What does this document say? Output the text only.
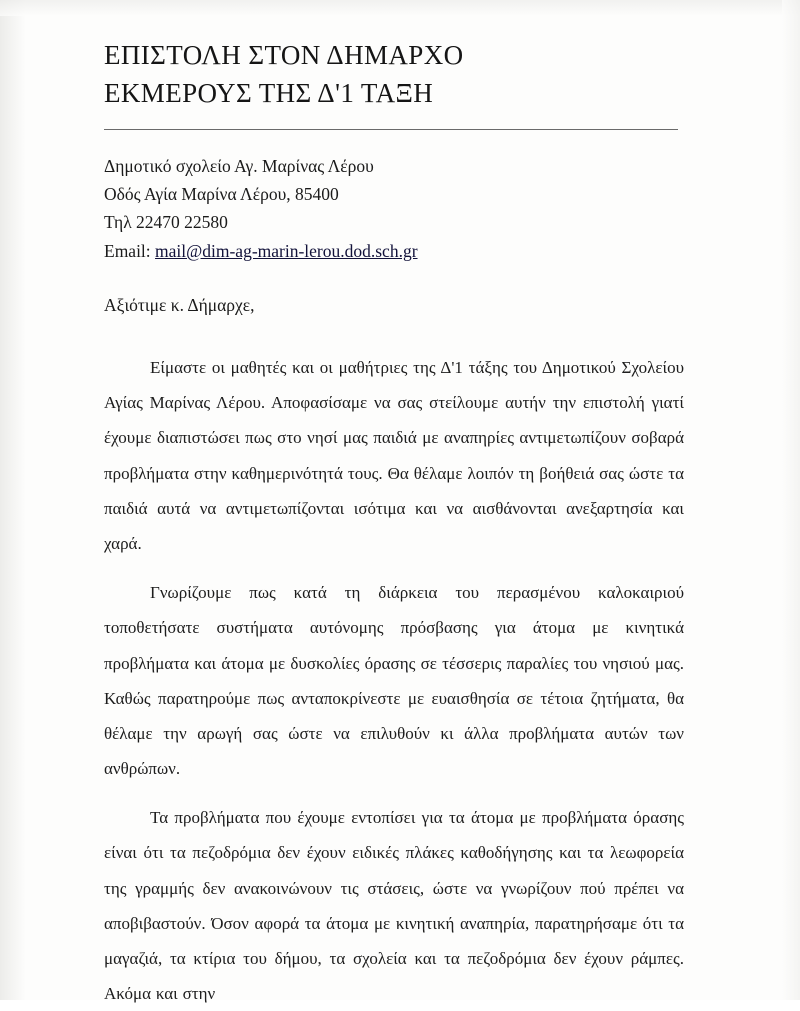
ΕΠΙΣΤΟΛΗ ΣΤΟΝ ΔΗΜΑΡΧΟ
ΕΚΜΕΡΟΥΣ ΤΗΣ Δ'1 ΤΑΞΗ
Δημοτικό σχολείο Αγ. Μαρίνας Λέρου
Οδός Αγία Μαρίνα Λέρου, 85400
Τηλ 22470 22580
Email: mail@dim-ag-marin-lerou.dod.sch.gr
Αξιότιμε κ. Δήμαρχε,

Είμαστε οι μαθητές και οι μαθήτριες της Δ'1 τάξης του Δημοτικού Σχολείου Αγίας Μαρίνας Λέρου. Αποφασίσαμε να σας στείλουμε αυτήν την επιστολή γιατί έχουμε διαπιστώσει πως στο νησί μας παιδιά με αναπηρίες αντιμετωπίζουν σοβαρά προβλήματα στην καθημερινότητά τους. Θα θέλαμε λοιπόν τη βοήθειά σας ώστε τα παιδιά αυτά να αντιμετωπίζονται ισότιμα και να αισθάνονται ανεξαρτησία και χαρά.

Γνωρίζουμε πως κατά τη διάρκεια του περασμένου καλοκαιριού τοποθετήσατε συστήματα αυτόνομης πρόσβασης για άτομα με κινητικά προβλήματα και άτομα με δυσκολίες όρασης σε τέσσερις παραλίες του νησιού μας. Καθώς παρατηρούμε πως ανταποκρίνεστε με ευαισθησία σε τέτοια ζητήματα, θα θέλαμε την αρωγή σας ώστε να επιλυθούν κι άλλα προβλήματα αυτών των ανθρώπων.

Τα προβλήματα που έχουμε εντοπίσει για τα άτομα με προβλήματα όρασης είναι ότι τα πεζοδρόμια δεν έχουν ειδικές πλάκες καθοδήγησης και τα λεωφορεία της γραμμής δεν ανακοινώνουν τις στάσεις, ώστε να γνωρίζουν πού πρέπει να αποβιβαστούν. Όσον αφορά τα άτομα με κινητική αναπηρία, παρατηρήσαμε ότι τα μαγαζιά, τα κτίρια του δήμου, τα σχολεία και τα πεζοδρόμια δεν έχουν ράμπες. Ακόμα και στην
